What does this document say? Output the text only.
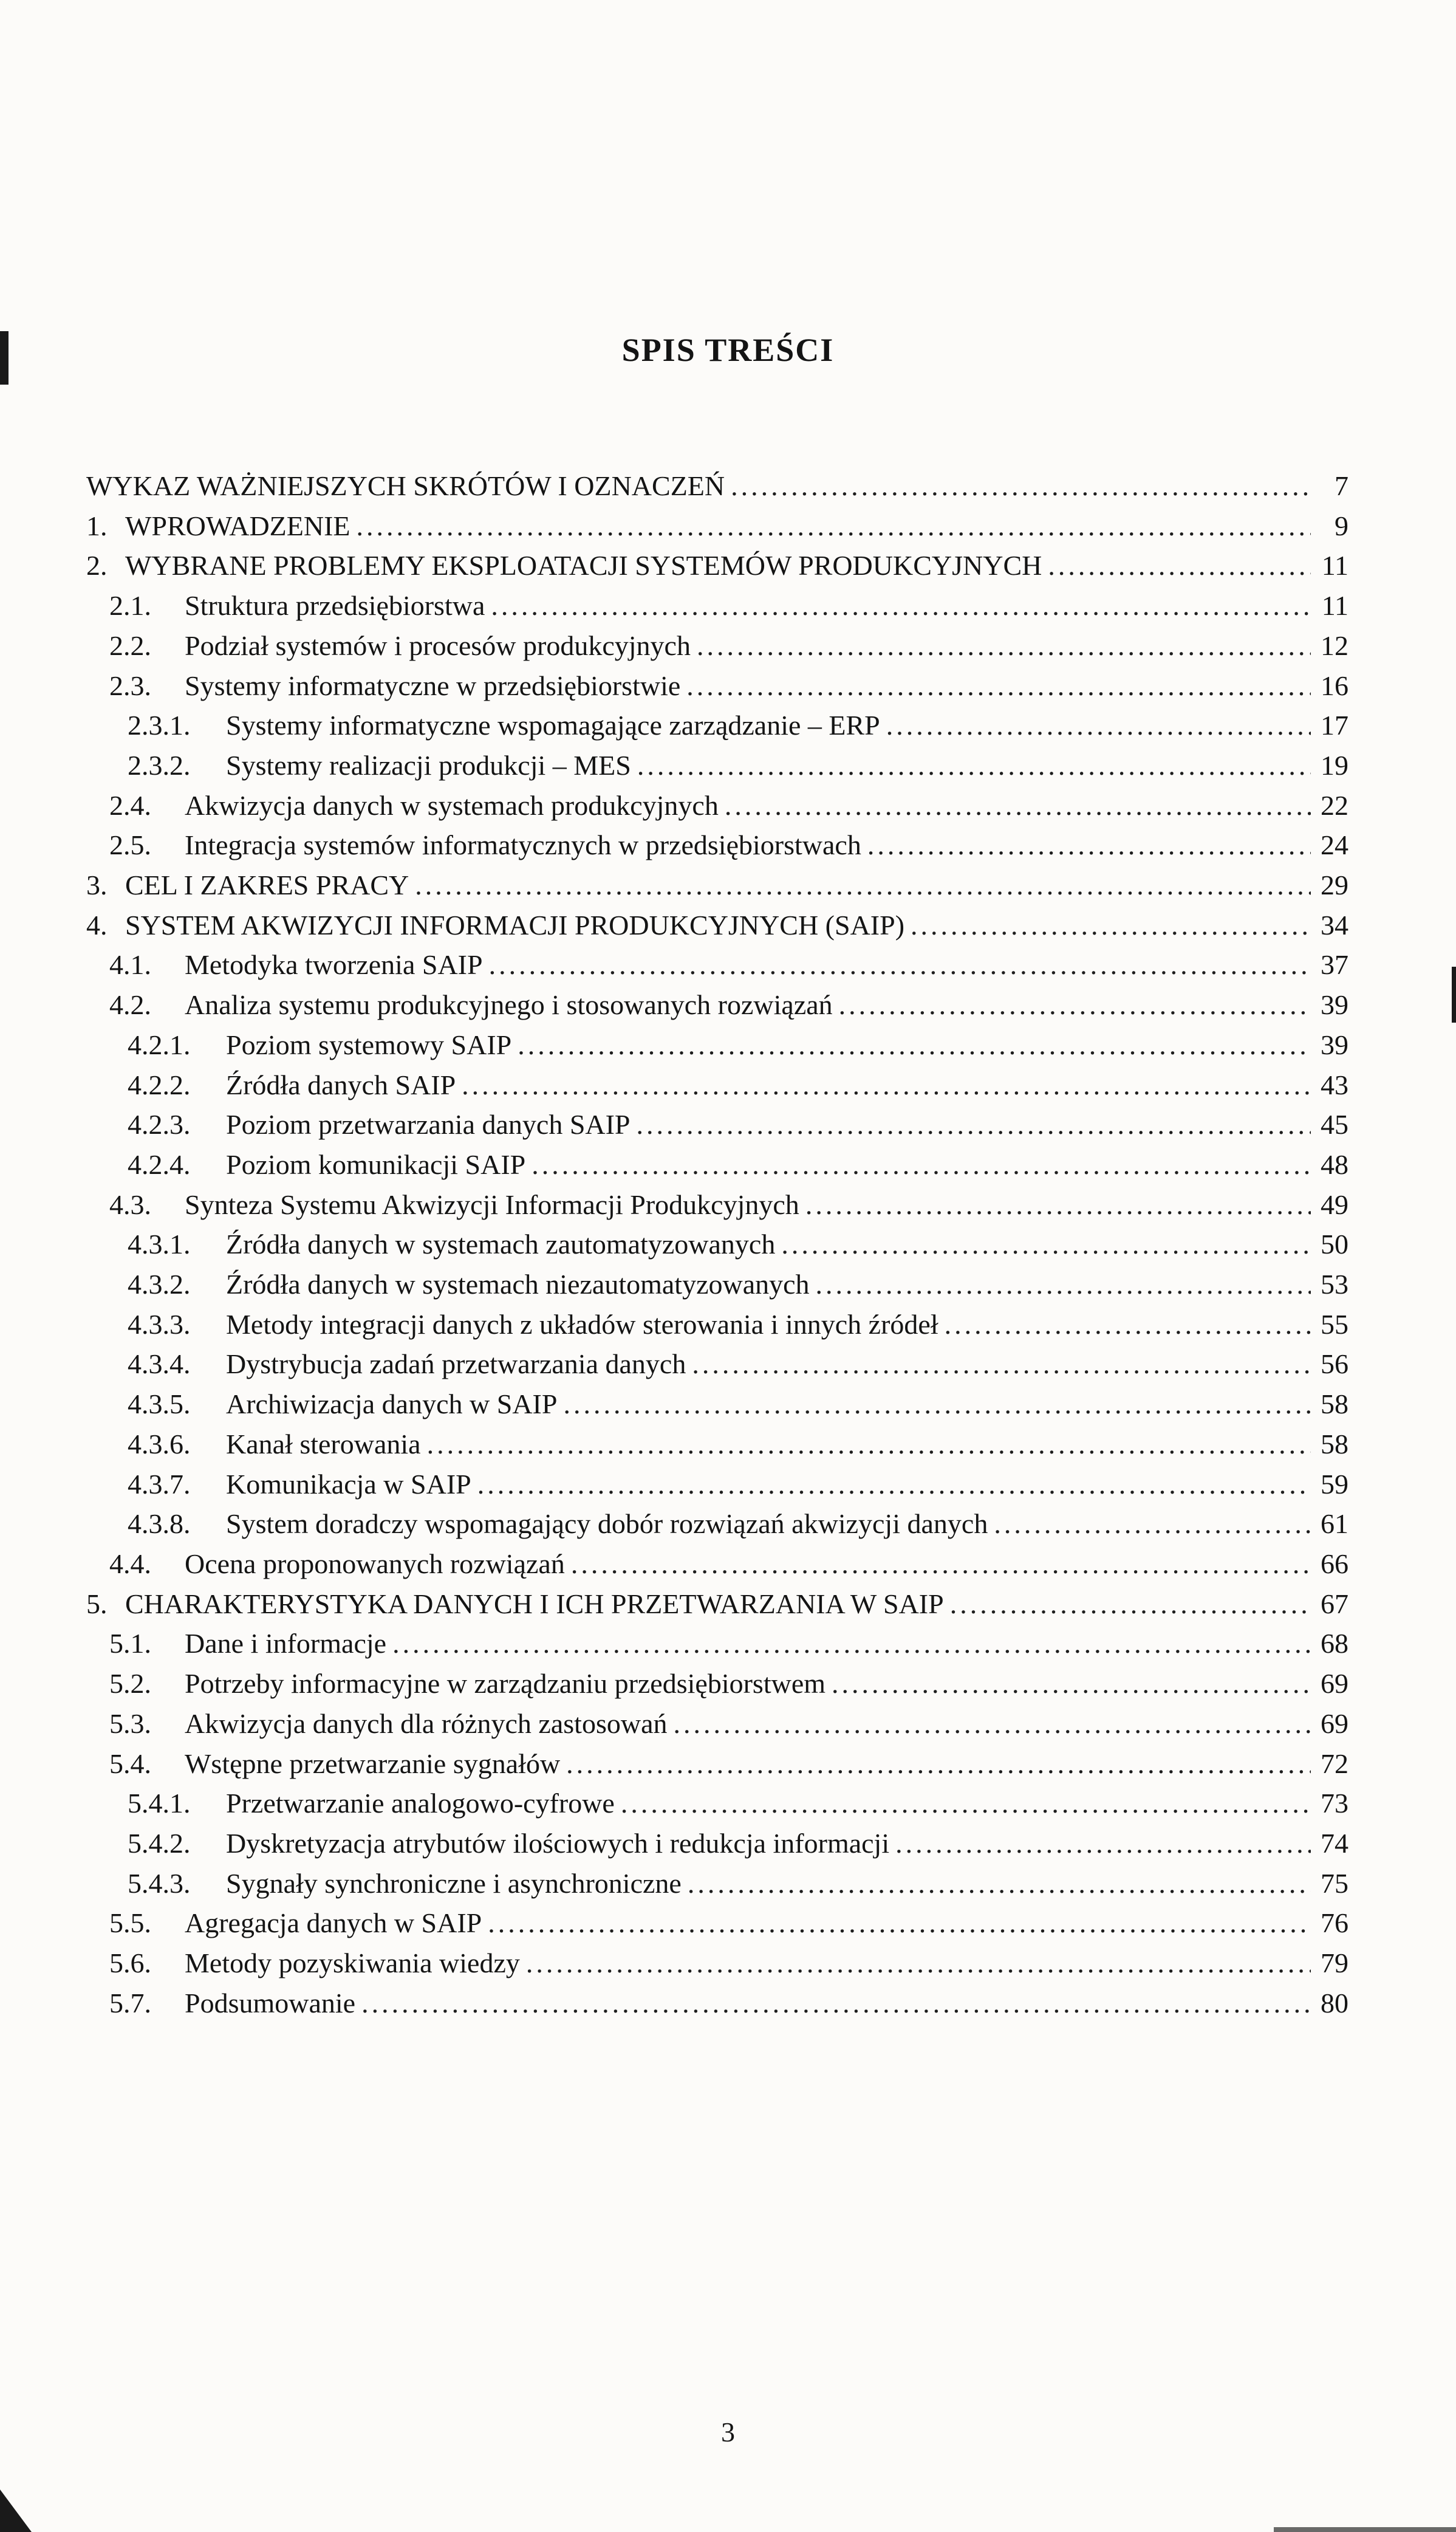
SPIS TREŚCI
WYKAZ WAŻNIEJSZYCH SKRÓTÓW I OZNACZEŃ .....	7
1. WPROWADZENIE .....	9
2. WYBRANE PROBLEMY EKSPLOATACJI SYSTEMÓW PRODUKCYJNYCH .....	11
2.1.	Struktura przedsiębiorstwa .....	11
2.2.	Podział systemów i procesów produkcyjnych .....	12
2.3.	Systemy informatyczne w przedsiębiorstwie .....	16
2.3.1.	Systemy informatyczne wspomagające zarządzanie – ERP .....	17
2.3.2.	Systemy realizacji produkcji – MES .....	19
2.4.	Akwizycja danych w systemach produkcyjnych .....	22
2.5.	Integracja systemów informatycznych w przedsiębiorstwach .....	24
3. CEL I ZAKRES PRACY .....	29
4. SYSTEM AKWIZYCJI INFORMACJI PRODUKCYJNYCH (SAIP) .....	34
4.1.	Metodyka tworzenia SAIP .....	37
4.2.	Analiza systemu produkcyjnego i stosowanych rozwiązań .....	39
4.2.1.	Poziom systemowy SAIP .....	39
4.2.2.	Źródła danych SAIP .....	43
4.2.3.	Poziom przetwarzania danych SAIP .....	45
4.2.4.	Poziom komunikacji SAIP .....	48
4.3.	Synteza Systemu Akwizycji Informacji Produkcyjnych .....	49
4.3.1.	Źródła danych w systemach zautomatyzowanych .....	50
4.3.2.	Źródła danych w systemach niezautomatyzowanych .....	53
4.3.3.	Metody integracji danych z układów sterowania i innych źródeł .....	55
4.3.4.	Dystrybucja zadań przetwarzania danych .....	56
4.3.5.	Archiwizacja danych w SAIP .....	58
4.3.6.	Kanał sterowania .....	58
4.3.7.	Komunikacja w SAIP .....	59
4.3.8.	System doradczy wspomagający dobór rozwiązań akwizycji danych .....	61
4.4.	Ocena proponowanych rozwiązań .....	66
5. CHARAKTERYSTYKA DANYCH I ICH PRZETWARZANIA W SAIP .....	67
5.1.	Dane i informacje .....	68
5.2.	Potrzeby informacyjne w zarządzaniu przedsiębiorstwem .....	69
5.3.	Akwizycja danych dla różnych zastosowań .....	69
5.4.	Wstępne przetwarzanie sygnałów .....	72
5.4.1.	Przetwarzanie analogowo-cyfrowe .....	73
5.4.2.	Dyskretyzacja atrybutów ilościowych i redukcja informacji .....	74
5.4.3.	Sygnały synchroniczne i asynchroniczne .....	75
5.5.	Agregacja danych w SAIP .....	76
5.6.	Metody pozyskiwania wiedzy .....	79
5.7.	Podsumowanie .....	80
3
